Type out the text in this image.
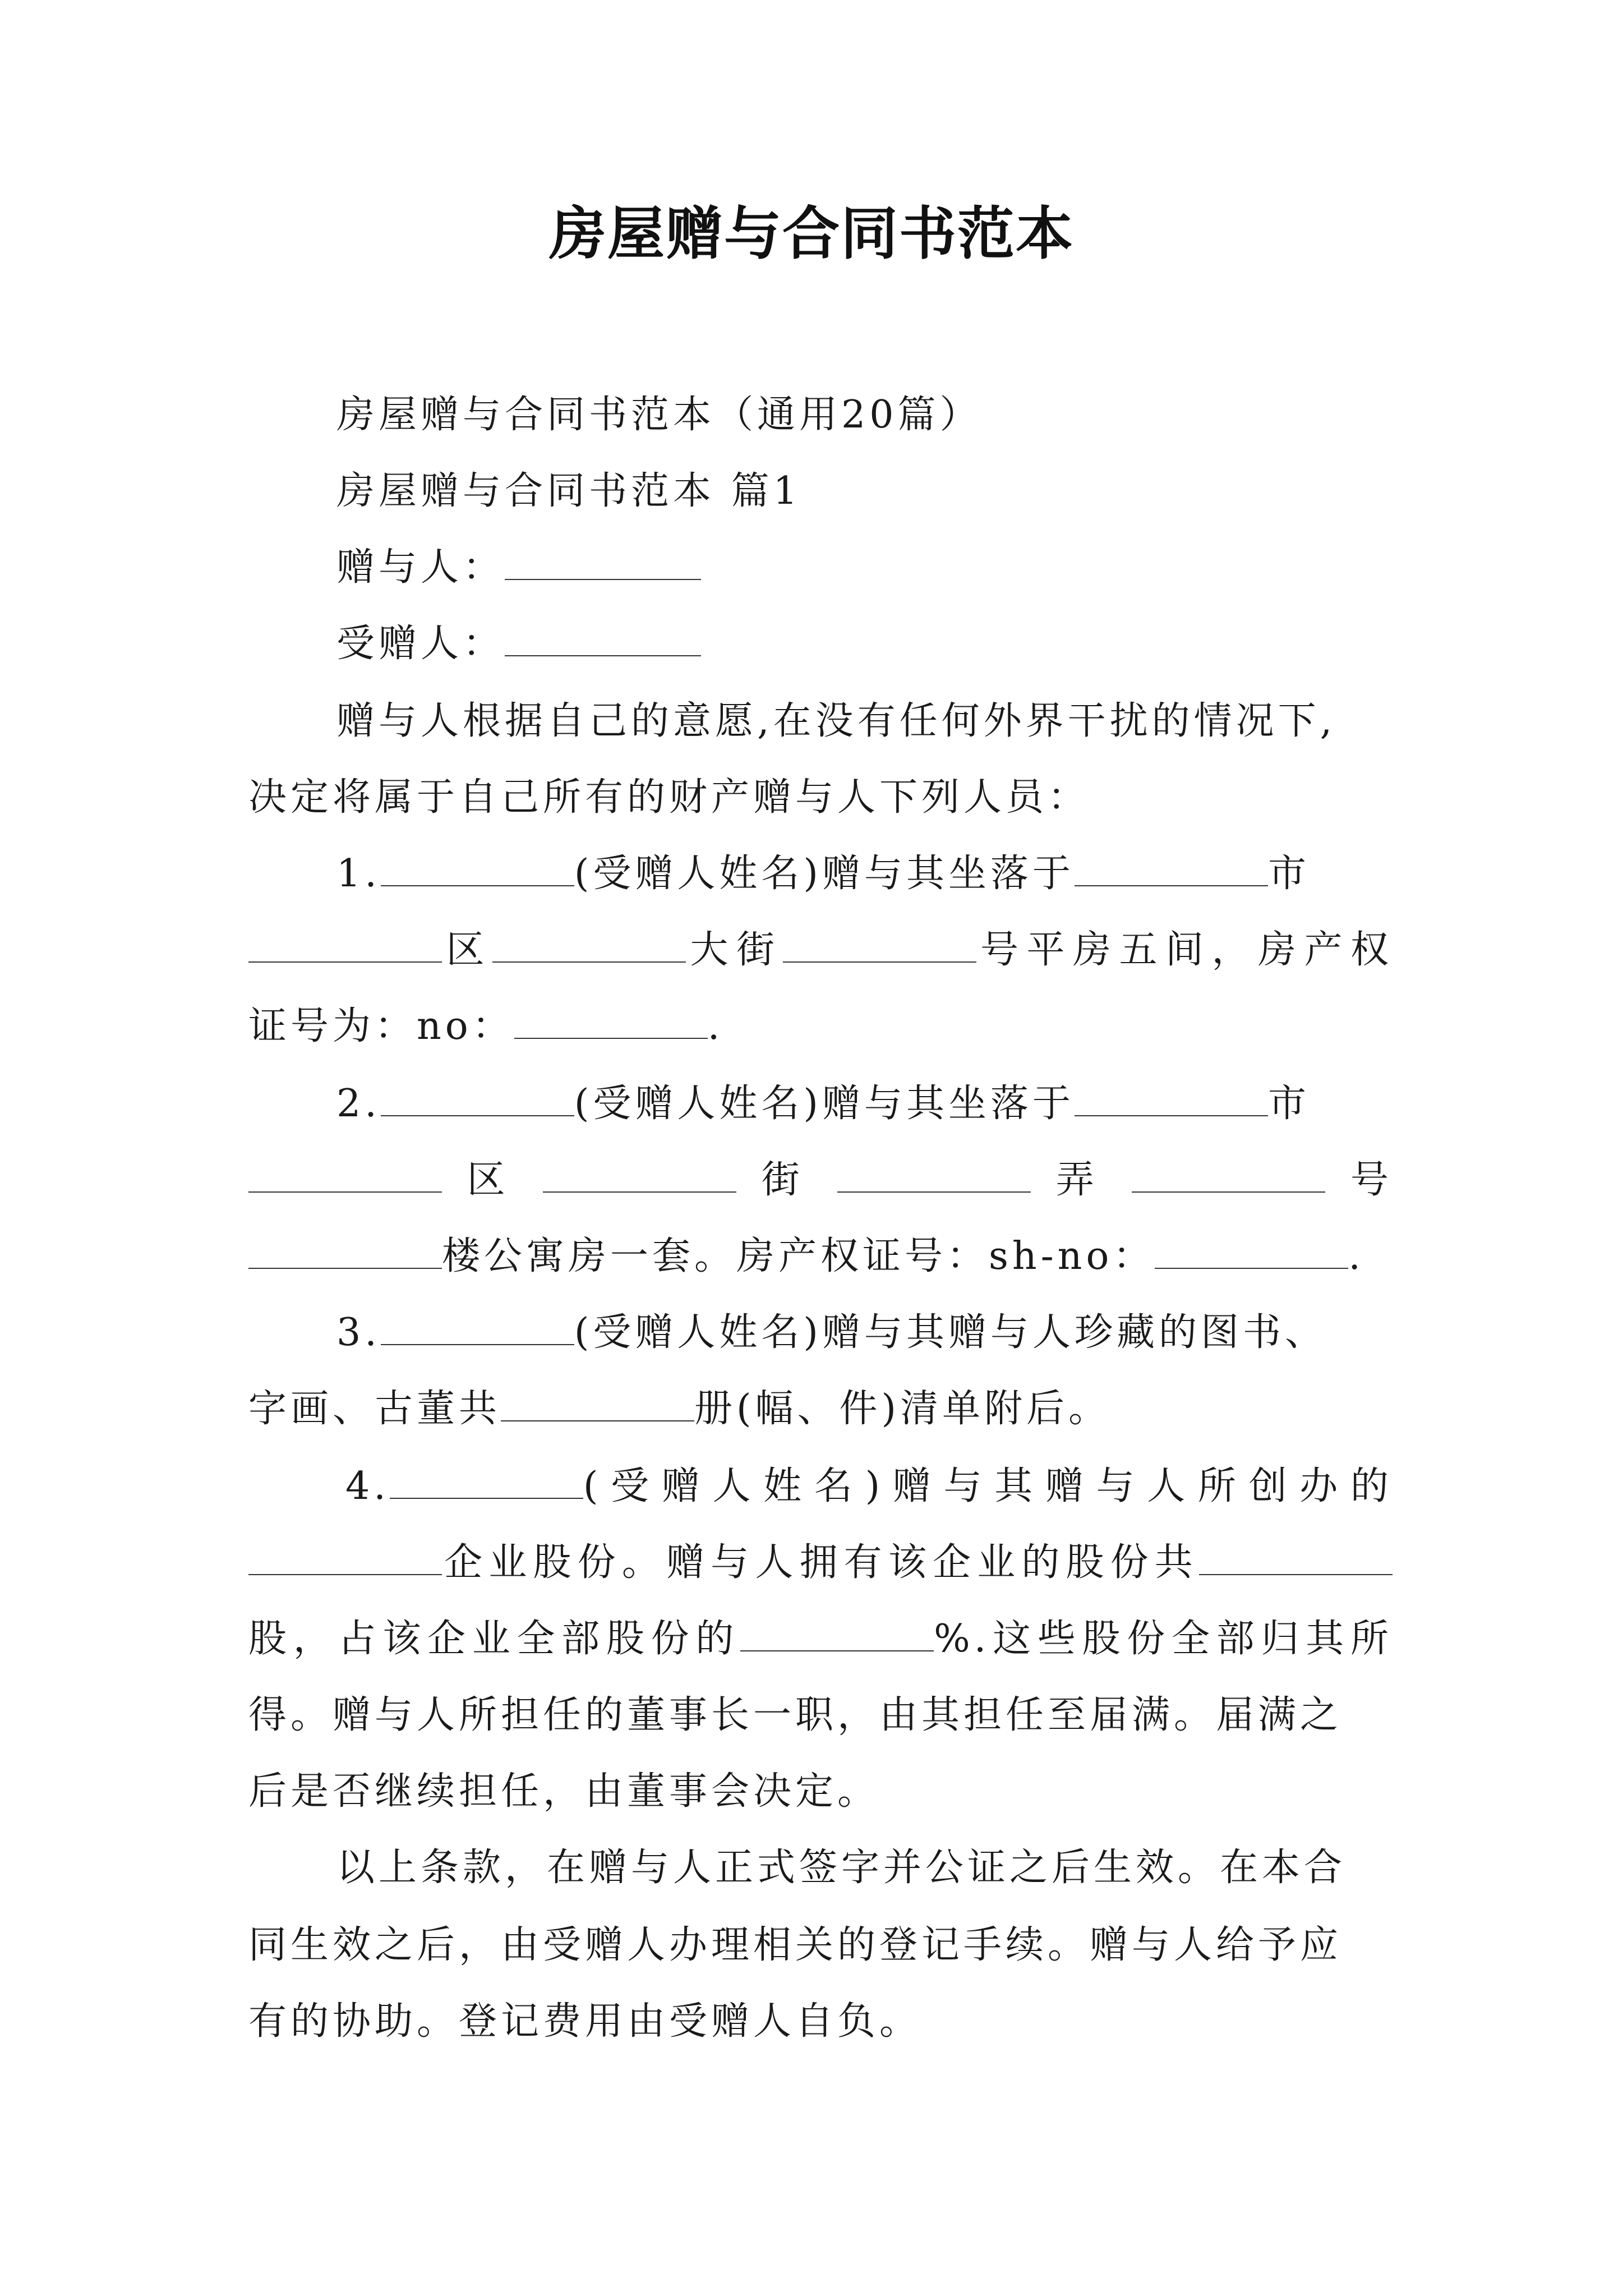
房屋赠与合同书范本
房屋赠与合同书范本（通用20篇）
房屋赠与合同书范本 篇1
赠与人：
受赠人：
赠与人根据自己的意愿,在没有任何外界干扰的情况下,
决定将属于自己所有的财产赠与人下列人员：
1.	(受赠人姓名)赠与其坐落于	市
区	大街	号平房五间，房产权
证号为：no：	.
2.	(受赠人姓名)赠与其坐落于	市
区	街	弄	号
楼公寓房一套。房产权证号：sh-no：	.
3.	(受赠人姓名)赠与其赠与人珍藏的图书、
字画、古董共	册(幅、件)清单附后。
4.	(受赠人姓名)赠与其赠与人所创办的
企业股份。赠与人拥有该企业的股份共
股，占该企业全部股份的	%.这些股份全部归其所
得。赠与人所担任的董事长一职，由其担任至届满。届满之
后是否继续担任，由董事会决定。
以上条款，在赠与人正式签字并公证之后生效。在本合
同生效之后，由受赠人办理相关的登记手续。赠与人给予应
有的协助。登记费用由受赠人自负。
